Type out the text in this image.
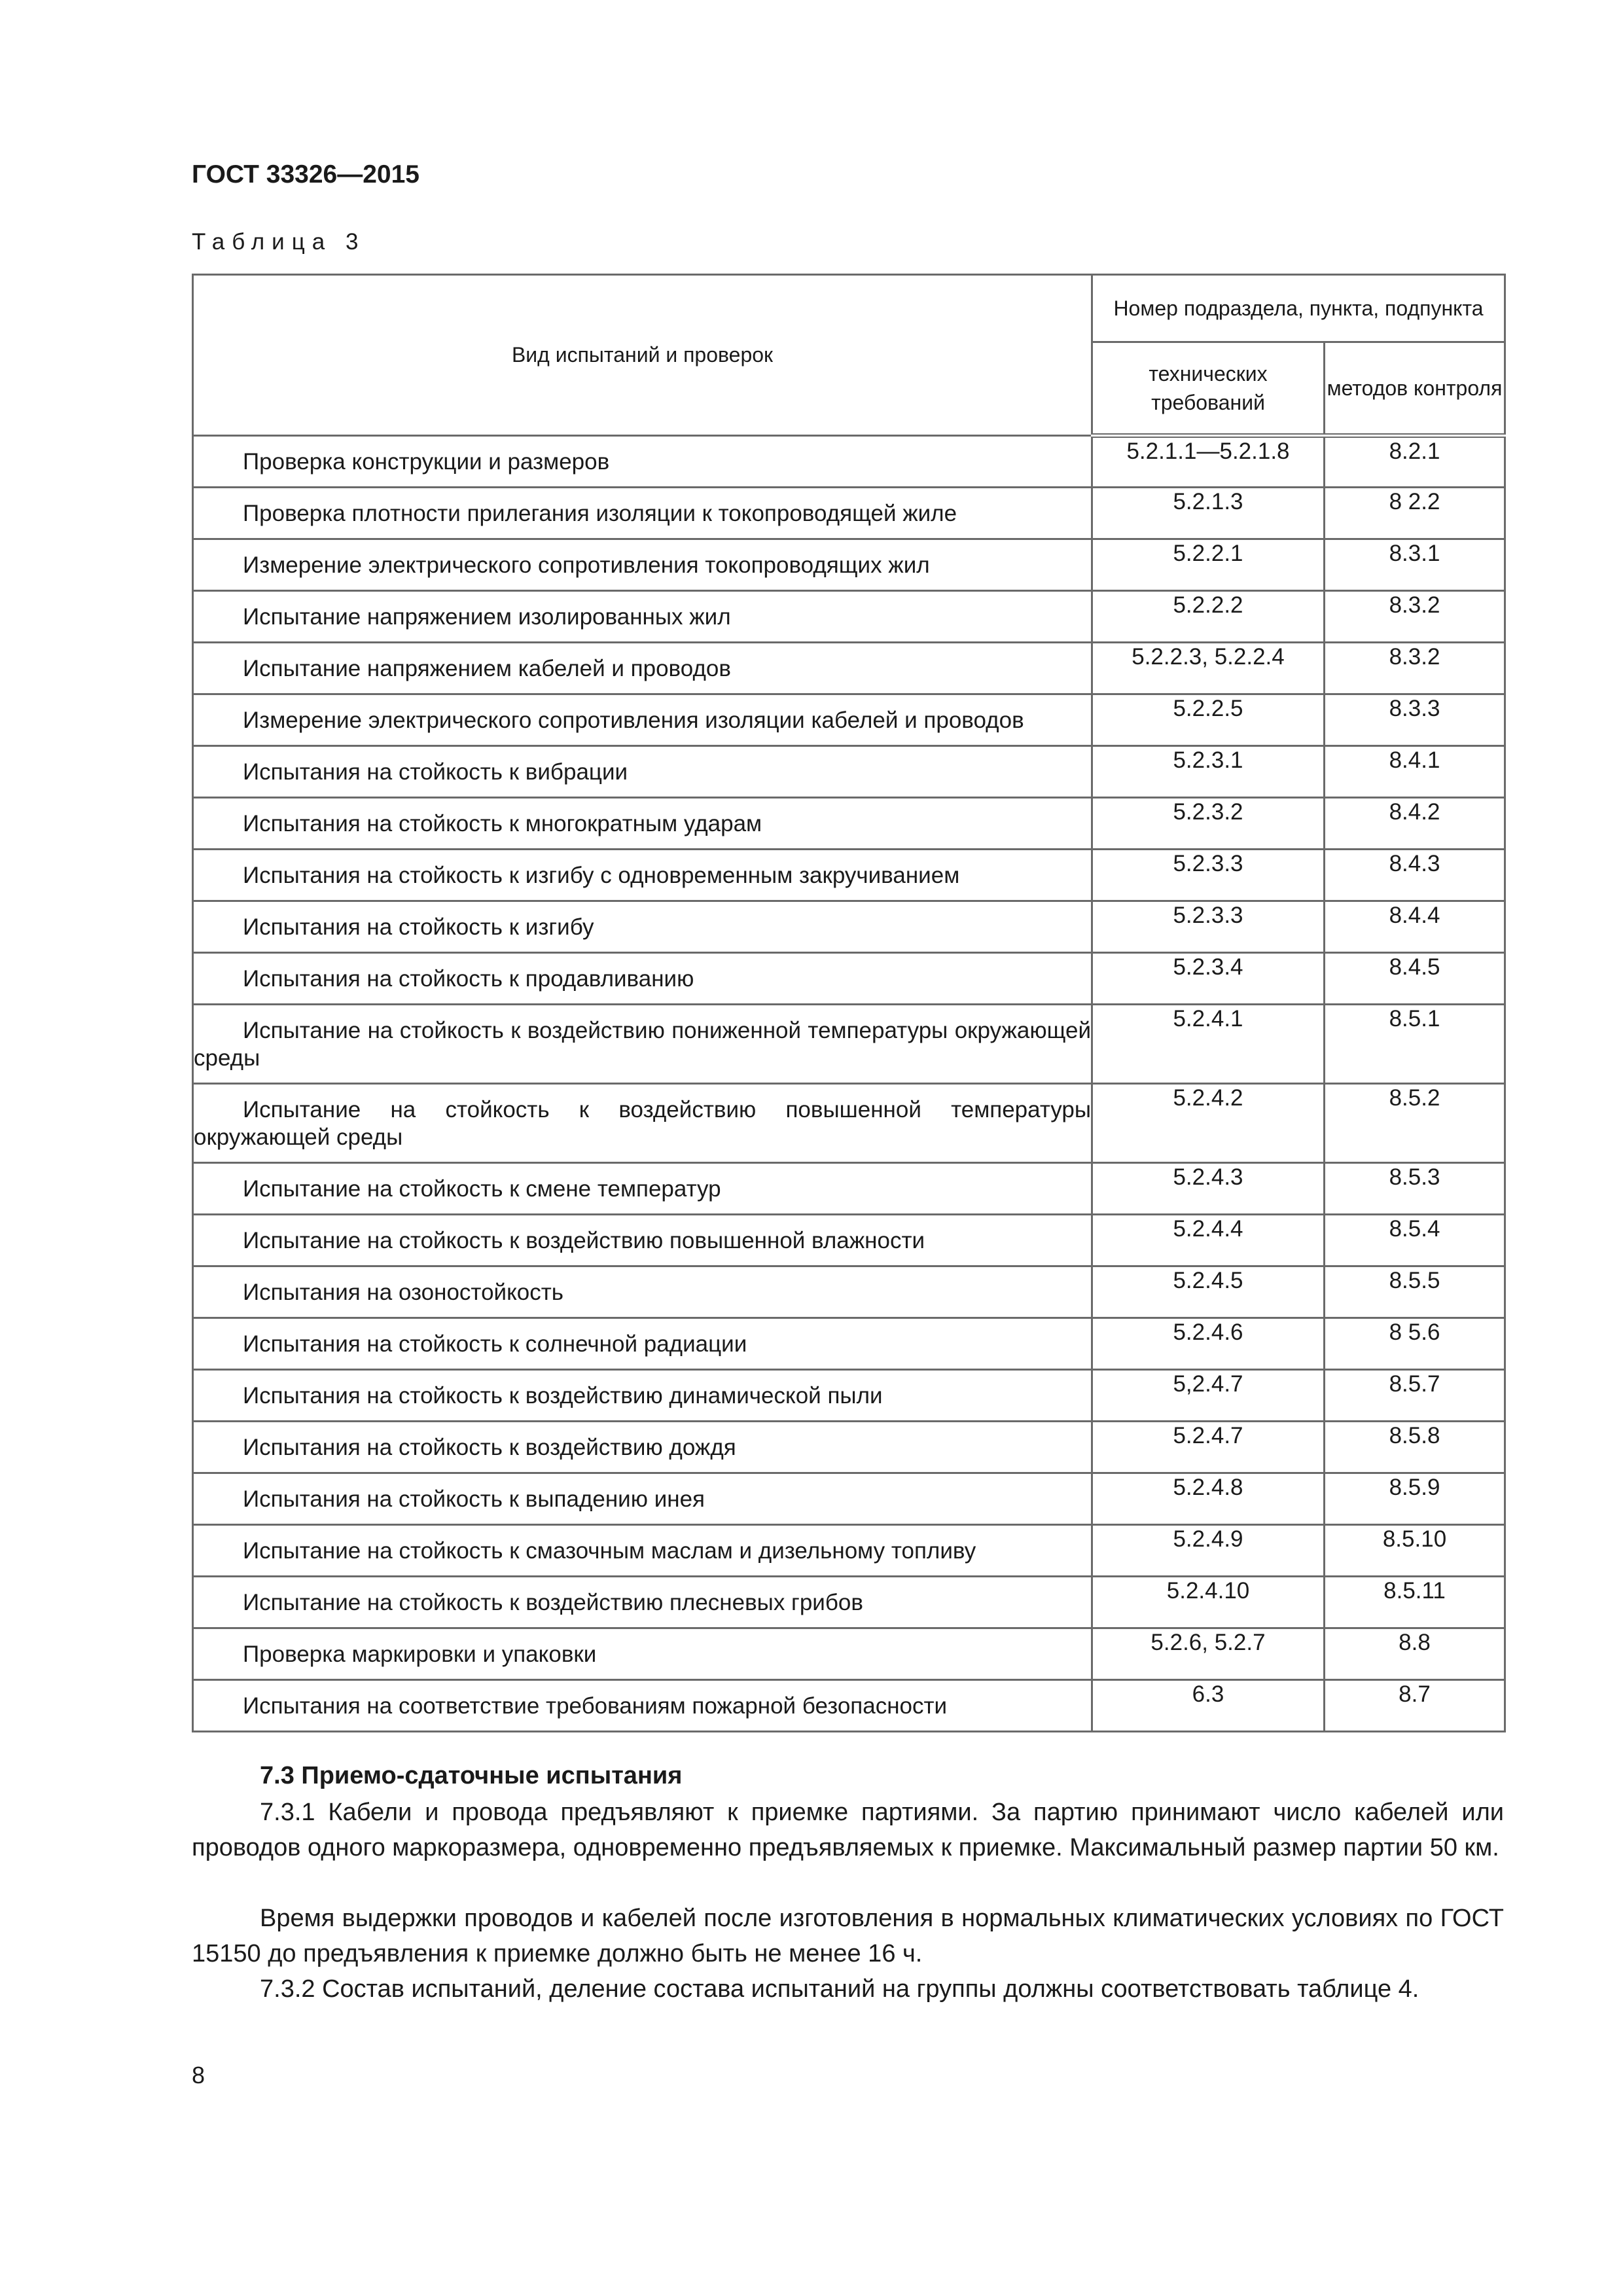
ГОСТ 33326—2015
Таблица 3
Вид испытаний и проверок	Номер подраздела, пункта, подпункта	
	технических требований	методов контроля
Проверка конструкции и размеров	5.2.1.1—5.2.1.8	8.2.1
Проверка плотности прилегания изоляции к токопроводящей жиле	5.2.1.3	8 2.2
Измерение электрического сопротивления токопроводящих жил	5.2.2.1	8.3.1
Испытание напряжением изолированных жил	5.2.2.2	8.3.2
Испытание напряжением кабелей и проводов	5.2.2.3, 5.2.2.4	8.3.2
Измерение электрического сопротивления изоляции кабелей и проводов	5.2.2.5	8.3.3
Испытания на стойкость к вибрации	5.2.3.1	8.4.1
Испытания на стойкость к многократным ударам	5.2.3.2	8.4.2
Испытания на стойкость к изгибу с одновременным закручиванием	5.2.3.3	8.4.3
Испытания на стойкость к изгибу	5.2.3.3	8.4.4
Испытания на стойкость к продавливанию	5.2.3.4	8.4.5
Испытание на стойкость к воздействию пониженной температуры окружающей среды	5.2.4.1	8.5.1
Испытание на стойкость к воздействию повышенной температуры окружающей среды	5.2.4.2	8.5.2
Испытание на стойкость к смене температур	5.2.4.3	8.5.3
Испытание на стойкость к воздействию повышенной влажности	5.2.4.4	8.5.4
Испытания на озоностойкость	5.2.4.5	8.5.5
Испытания на стойкость к солнечной радиации	5.2.4.6	8 5.6
Испытания на стойкость к воздействию динамической пыли	5,2.4.7	8.5.7
Испытания на стойкость к воздействию дождя	5.2.4.7	8.5.8
Испытания на стойкость к выпадению инея	5.2.4.8	8.5.9
Испытание на стойкость к смазочным маслам и дизельному топливу	5.2.4.9	8.5.10
Испытание на стойкость к воздействию плесневых грибов	5.2.4.10	8.5.11
Проверка маркировки и упаковки	5.2.6, 5.2.7	8.8
Испытания на соответствие требованиям пожарной безопасности	6.3	8.7
7.3 Приемо-сдаточные испытания
7.3.1 Кабели и провода предъявляют к приемке партиями. За партию принимают число кабелей или проводов одного маркоразмера, одновременно предъявляемых к приемке. Максимальный размер партии 50 км.
Время выдержки проводов и кабелей после изготовления в нормальных климатических условиях по ГОСТ 15150 до предъявления к приемке должно быть не менее 16 ч.
7.3.2 Состав испытаний, деление состава испытаний на группы должны соответствовать таблице 4.
8
